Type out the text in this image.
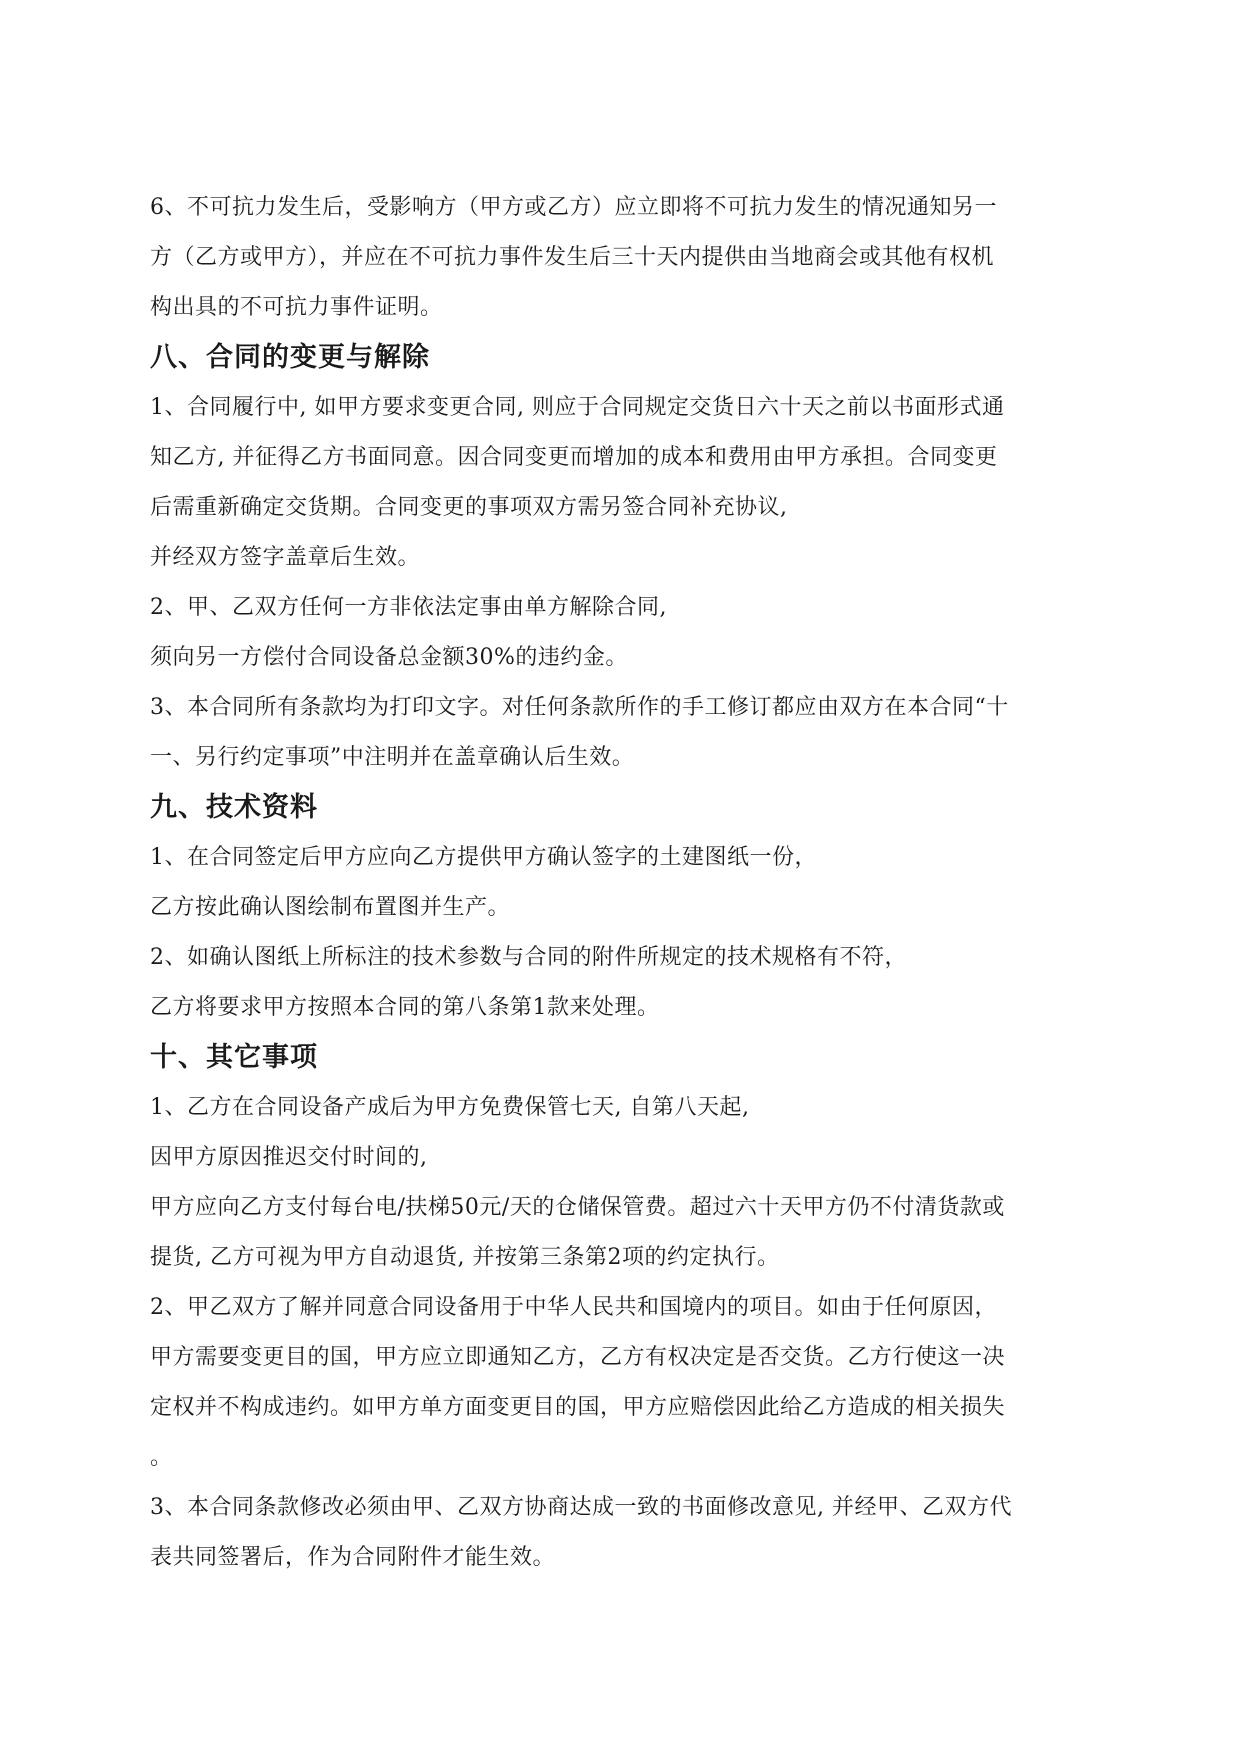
6、不可抗力发生后，受影响方（甲方或乙方）应立即将不可抗力发生的情况通知另一
方（乙方或甲方），并应在不可抗力事件发生后三十天内提供由当地商会或其他有权机
构出具的不可抗力事件证明。
八、合同的变更与解除
1、合同履行中, 如甲方要求变更合同, 则应于合同规定交货日六十天之前以书面形式通
知乙方, 并征得乙方书面同意。因合同变更而增加的成本和费用由甲方承担。合同变更
后需重新确定交货期。合同变更的事项双方需另签合同补充协议,
并经双方签字盖章后生效。
2、甲、乙双方任何一方非依法定事由单方解除合同,
须向另一方偿付合同设备总金额30%的违约金。
3、本合同所有条款均为打印文字。对任何条款所作的手工修订都应由双方在本合同“十
一、另行约定事项”中注明并在盖章确认后生效。
九、技术资料
1、在合同签定后甲方应向乙方提供甲方确认签字的土建图纸一份，
乙方按此确认图绘制布置图并生产。
2、如确认图纸上所标注的技术参数与合同的附件所规定的技术规格有不符，
乙方将要求甲方按照本合同的第八条第1款来处理。
十、其它事项
1、乙方在合同设备产成后为甲方免费保管七天, 自第八天起,
因甲方原因推迟交付时间的,
甲方应向乙方支付每台电/扶梯50元/天的仓储保管费。超过六十天甲方仍不付清货款或
提货, 乙方可视为甲方自动退货, 并按第三条第2项的约定执行。
2、甲乙双方了解并同意合同设备用于中华人民共和国境内的项目。如由于任何原因，
甲方需要变更目的国，甲方应立即通知乙方，乙方有权决定是否交货。乙方行使这一决
定权并不构成违约。如甲方单方面变更目的国，甲方应赔偿因此给乙方造成的相关损失
。
3、本合同条款修改必须由甲、乙双方协商达成一致的书面修改意见, 并经甲、乙双方代
表共同签署后，作为合同附件才能生效。
